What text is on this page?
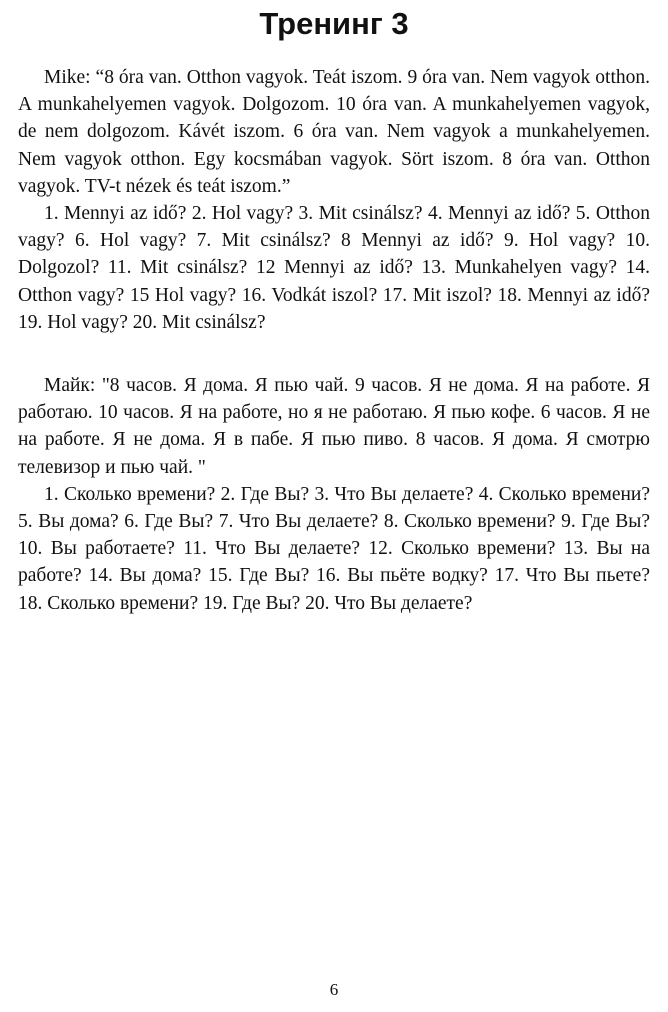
Тренинг 3

Mike: “8 óra van. Otthon vagyok. Teát iszom. 9 óra van. Nem vagyok otthon. A munkahelyemen vagyok. Dolgozom. 10 óra van. A munkahelyemen vagyok, de nem dolgozom. Kávét iszom. 6 óra van. Nem vagyok a munkahelyemen. Nem vagyok otthon. Egy kocsmában vagyok. Sört iszom. 8 óra van. Otthon vagyok. TV-t nézek és teát iszom.”

1. Mennyi az idő? 2. Hol vagy? 3. Mit csinálsz? 4. Mennyi az idő? 5. Otthon vagy? 6. Hol vagy? 7. Mit csinálsz? 8 Mennyi az idő? 9. Hol vagy? 10. Dolgozol? 11. Mit csinálsz? 12 Mennyi az idő? 13. Munkahelyen vagy? 14. Otthon vagy? 15 Hol vagy? 16. Vodkát iszol? 17. Mit iszol? 18. Mennyi az idő? 19. Hol vagy? 20. Mit csinálsz?

Майк: "8 часов. Я дома. Я пью чай. 9 часов. Я не дома. Я на работе. Я работаю. 10 часов. Я на работе, но я не работаю. Я пью кофе. 6 часов. Я не на работе. Я не дома. Я в пабе. Я пью пиво. 8 часов. Я дома. Я смотрю телевизор и пью чай. "

1. Сколько времени? 2. Где Вы? 3. Что Вы делаете? 4. Сколько времени? 5. Вы дома? 6. Где Вы? 7. Что Вы делаете? 8. Сколько времени? 9. Где Вы? 10. Вы работаете? 11. Что Вы делаете? 12. Сколько времени? 13. Вы на работе? 14. Вы дома? 15. Где Вы? 16. Вы пьёте водку? 17. Что Вы пьете? 18. Сколько времени? 19. Где Вы? 20. Что Вы делаете?

6
